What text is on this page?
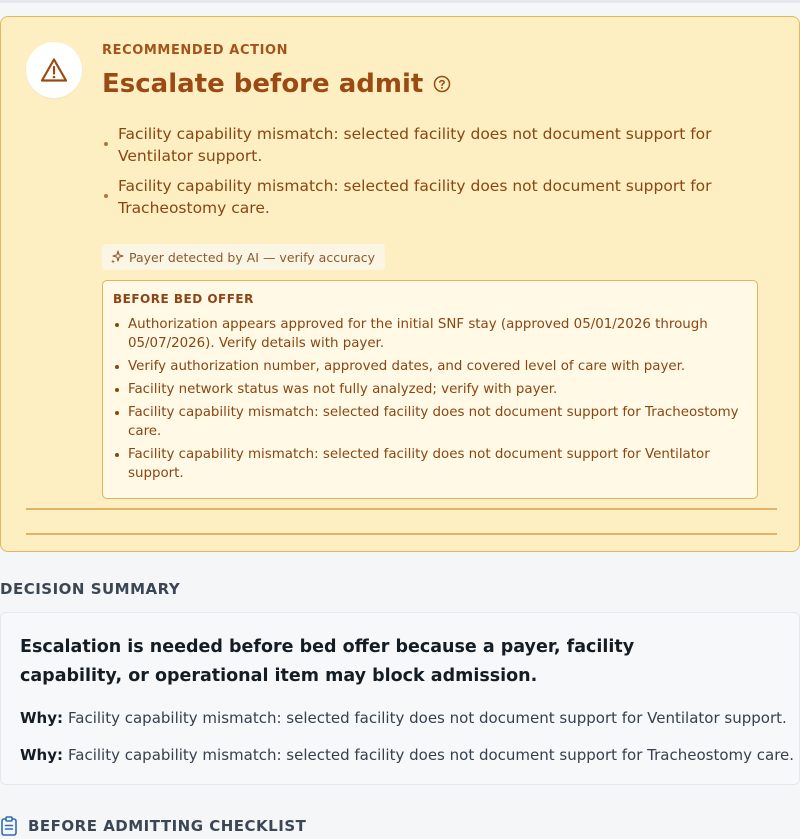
RECOMMENDED ACTION
Escalate before admit
Facility capability mismatch: selected facility does not document support for Ventilator support.
Facility capability mismatch: selected facility does not document support for Tracheostomy care.
Payer detected by AI — verify accuracy
BEFORE BED OFFER
Authorization appears approved for the initial SNF stay (approved 05/01/2026 through 05/07/2026). Verify details with payer.
Verify authorization number, approved dates, and covered level of care with payer.
Facility network status was not fully analyzed; verify with payer.
Facility capability mismatch: selected facility does not document support for Tracheostomy care.
Facility capability mismatch: selected facility does not document support for Ventilator support.
DECISION SUMMARY

Escalation is needed before bed offer because a payer, facility capability, or operational item may block admission.

Why: Facility capability mismatch: selected facility does not document support for Ventilator support.

Why: Facility capability mismatch: selected facility does not document support for Tracheostomy care.

BEFORE ADMITTING CHECKLIST
